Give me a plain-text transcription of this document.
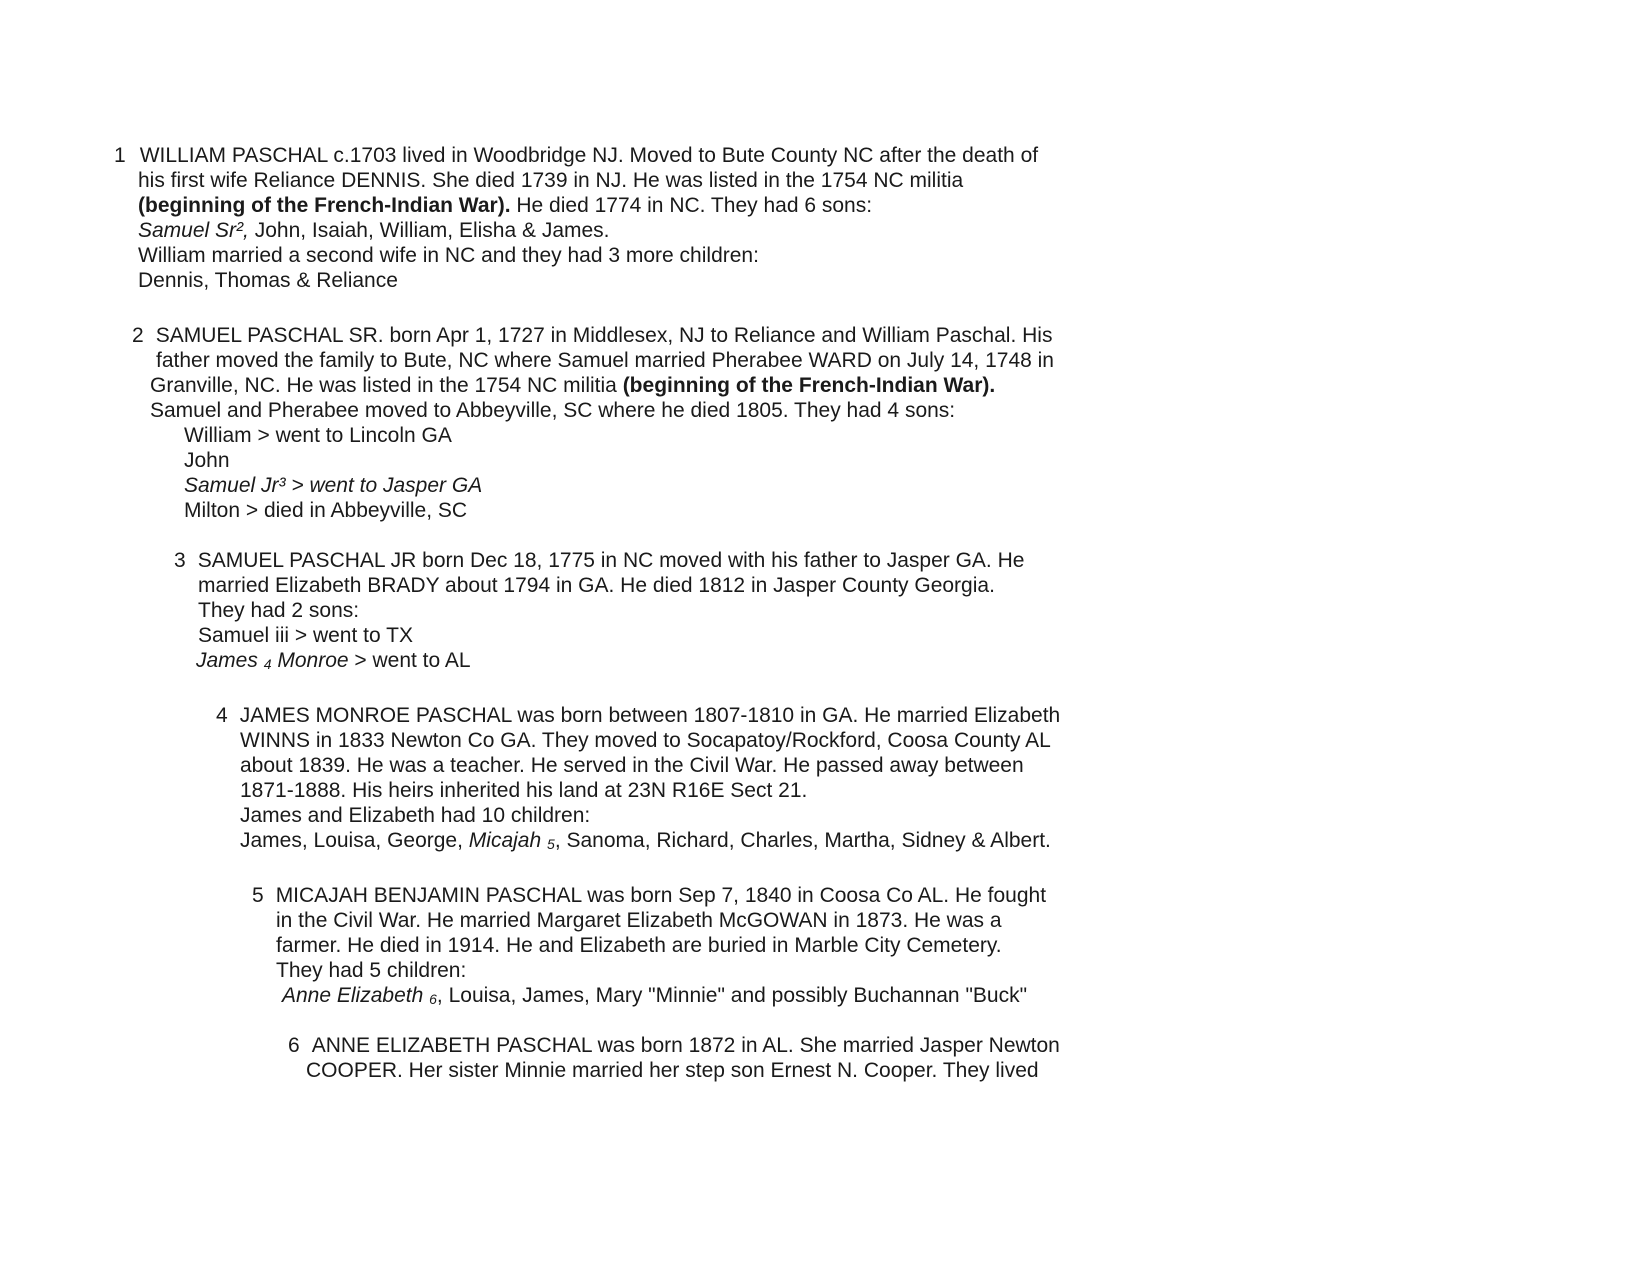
1 WILLIAM PASCHAL c.1703 lived in Woodbridge NJ. Moved to Bute County NC after the death of
his first wife Reliance DENNIS. She died 1739 in NJ. He was listed in the 1754 NC militia
(beginning of the French-Indian War). He died 1774 in NC. They had 6 sons:
Samuel Sr², John, Isaiah, William, Elisha & James.
William married a second wife in NC and they had 3 more children:
Dennis, Thomas & Reliance
2 SAMUEL PASCHAL SR. born Apr 1, 1727 in Middlesex, NJ to Reliance and William Paschal. His
father moved the family to Bute, NC where Samuel married Pherabee WARD on July 14, 1748 in
Granville, NC. He was listed in the 1754 NC militia (beginning of the French-Indian War).
Samuel and Pherabee moved to Abbeyville, SC where he died 1805. They had 4 sons:
William > went to Lincoln GA
John
Samuel Jr³ > went to Jasper GA
Milton > died in Abbeyville, SC
3 SAMUEL PASCHAL JR born Dec 18, 1775 in NC moved with his father to Jasper GA. He
married Elizabeth BRADY about 1794 in GA. He died 1812 in Jasper County Georgia.
They had 2 sons:
Samuel iii > went to TX
James 4 Monroe > went to AL
4 JAMES MONROE PASCHAL was born between 1807-1810 in GA. He married Elizabeth
WINNS in 1833 Newton Co GA. They moved to Socapatoy/Rockford, Coosa County AL
about 1839. He was a teacher. He served in the Civil War. He passed away between
1871-1888. His heirs inherited his land at 23N R16E Sect 21.
James and Elizabeth had 10 children:
James, Louisa, George, Micajah 5, Sanoma, Richard, Charles, Martha, Sidney & Albert.
5 MICAJAH BENJAMIN PASCHAL was born Sep 7, 1840 in Coosa Co AL. He fought
in the Civil War. He married Margaret Elizabeth McGOWAN in 1873. He was a
farmer. He died in 1914. He and Elizabeth are buried in Marble City Cemetery.
They had 5 children:
Anne Elizabeth 6, Louisa, James, Mary "Minnie" and possibly Buchannan "Buck"
6 ANNE ELIZABETH PASCHAL was born 1872 in AL. She married Jasper Newton
COOPER. Her sister Minnie married her step son Ernest N. Cooper. They lived
